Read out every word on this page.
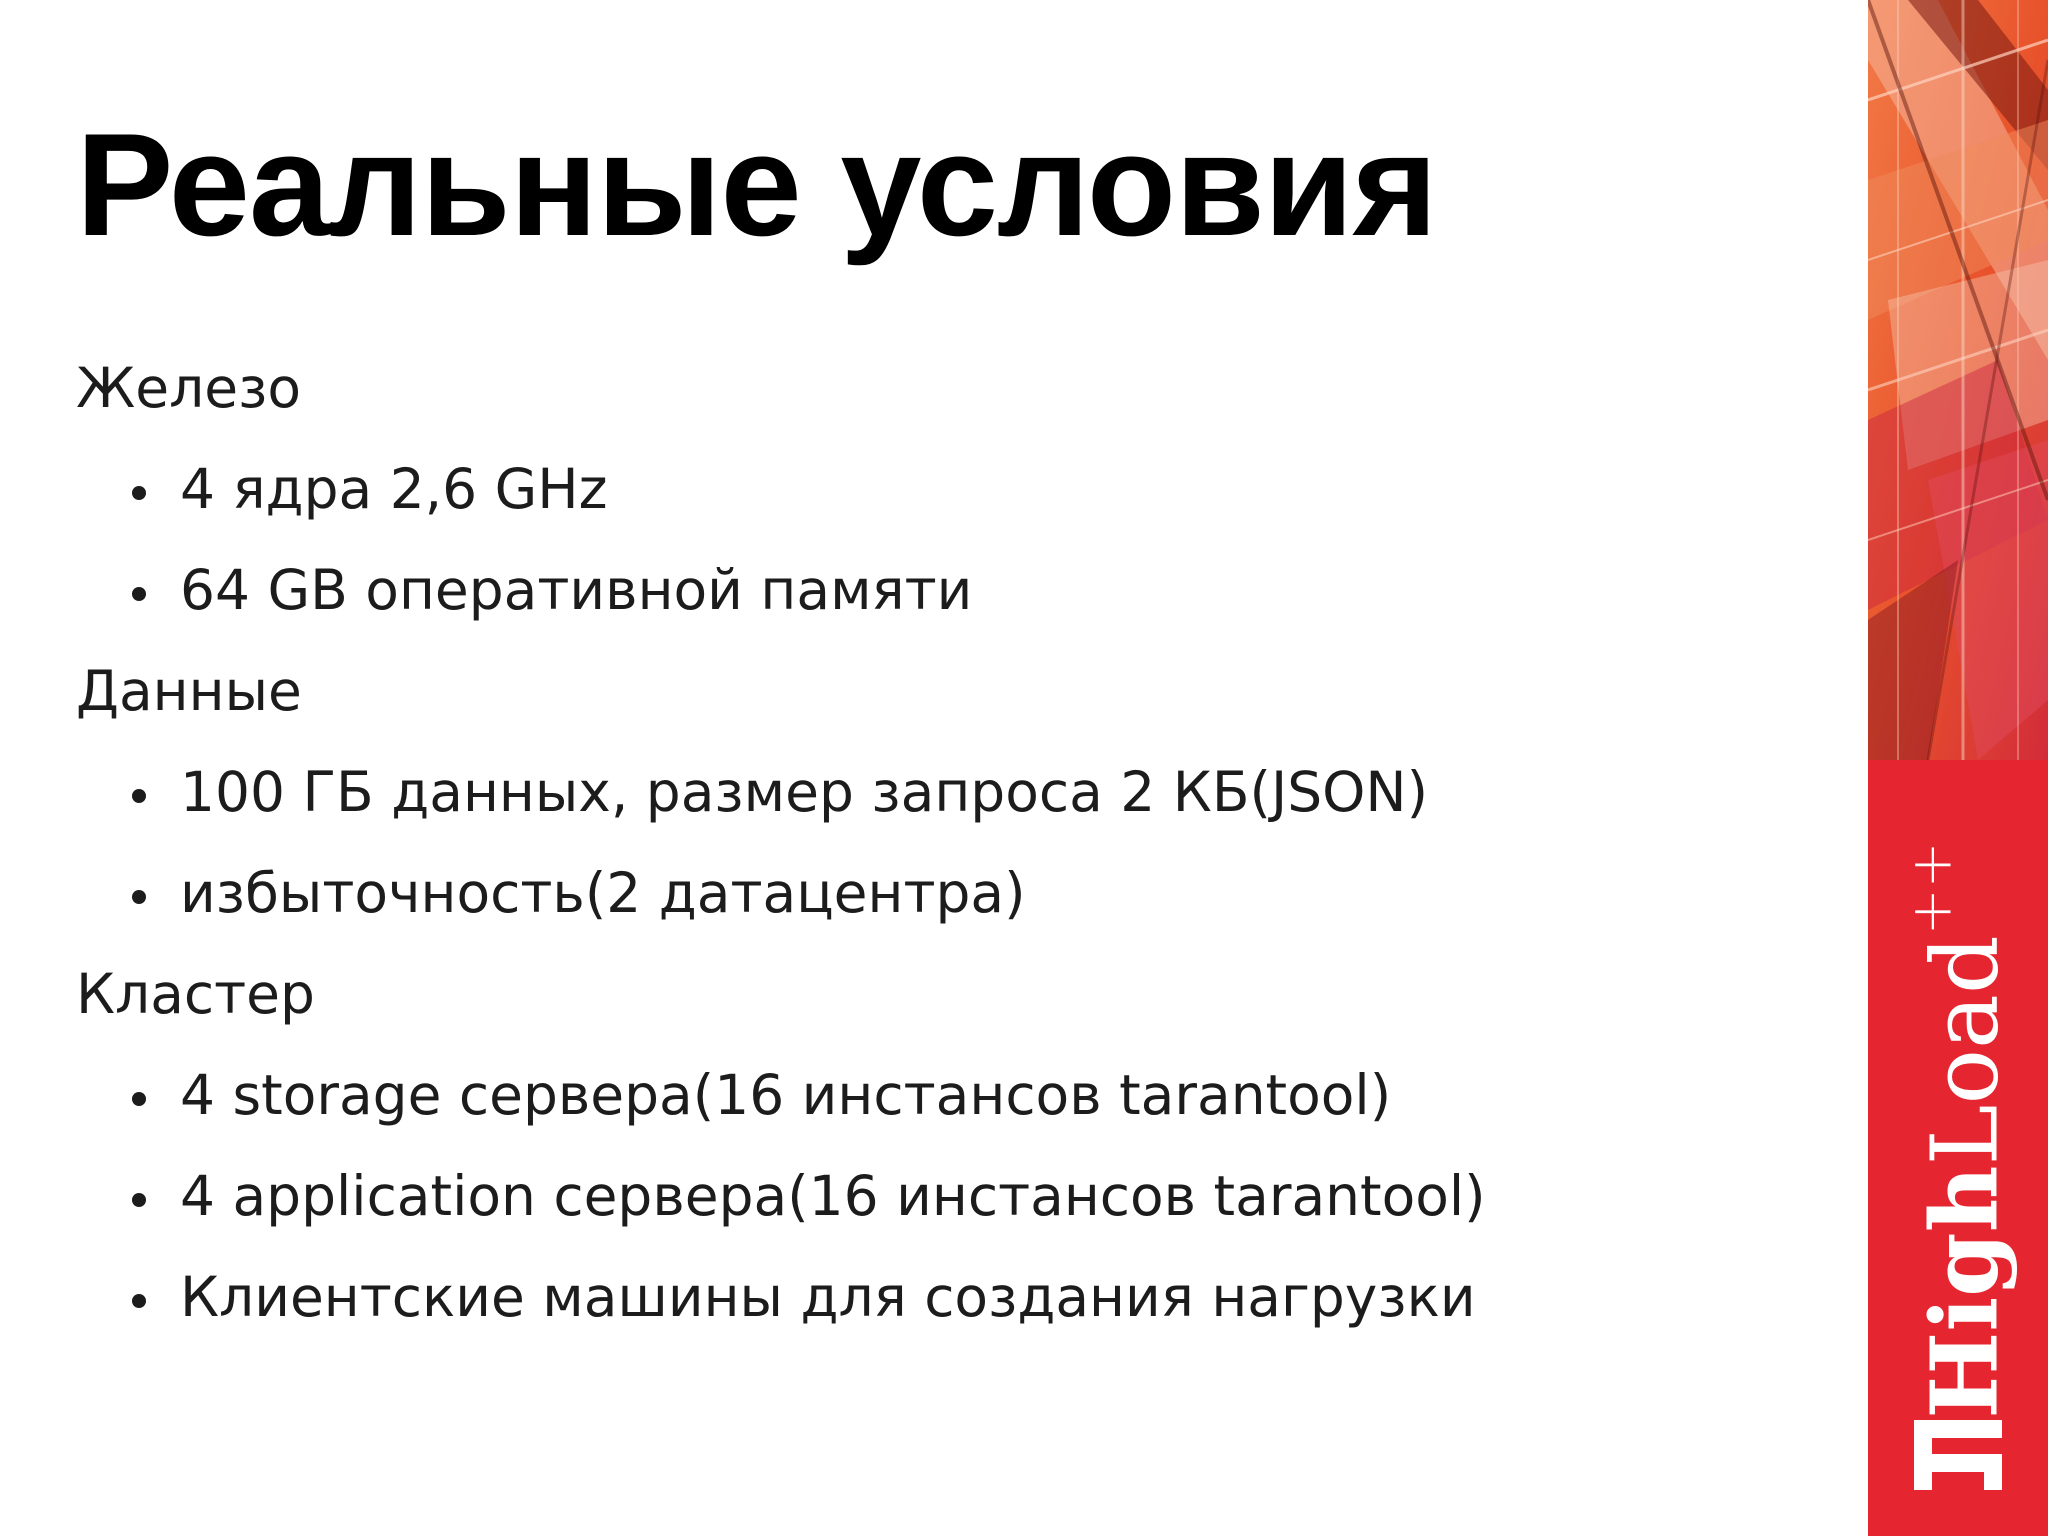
Реальные условия
Железо
4 ядра 2,6 GHz
64 GB оперативной памяти
Данные
100 ГБ данных, размер запроса 2 КБ(JSON)
избыточность(2 датацентра)
Кластер
4 storage сервера(16 инстансов tarantool)
4 application сервера(16 инстансов tarantool)
Клиентские машины для создания нагрузки	HighLoad++
